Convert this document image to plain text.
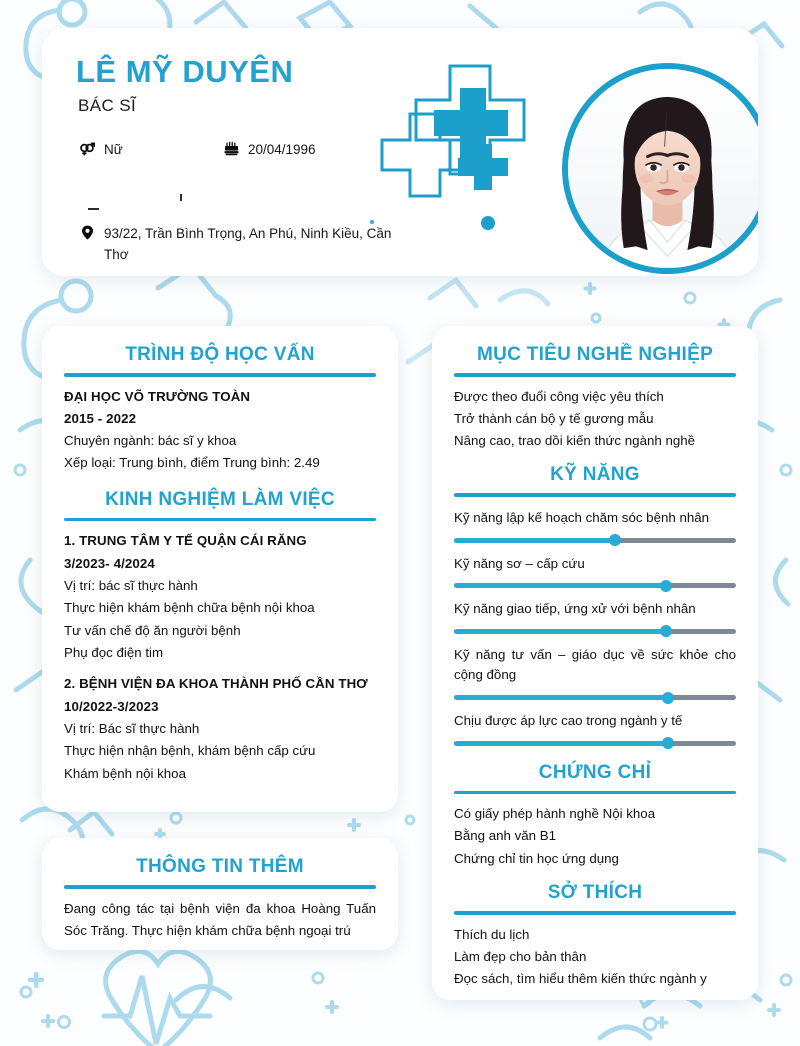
LÊ MỸ DUYÊN
BÁC SĨ
Nữ	20/04/1996
93/22, Trần Bình Trọng, An Phú, Ninh Kiều, Cần Thơ
TRÌNH ĐỘ HỌC VẤN
ĐẠI HỌC VÕ TRƯỜNG TOÀN
2015 - 2022
Chuyên ngành: bác sĩ y khoa
Xếp loại: Trung bình, điểm Trung bình: 2.49
KINH NGHIỆM LÀM VIỆC
1. TRUNG TÂM Y TẾ QUẬN CÁI RĂNG
3/2023- 4/2024
Vị trí: bác sĩ thực hành
Thực hiện khám bệnh chữa bệnh nội khoa
Tư vấn chế độ ăn người bệnh
Phụ đọc điện tim
2. BỆNH VIỆN ĐA KHOA THÀNH PHỐ CẦN THƠ
10/2022-3/2023
Vị trí: Bác sĩ thực hành
Thực hiện nhận bệnh, khám bệnh cấp cứu
Khám bệnh nội khoa
THÔNG TIN THÊM
Đang công tác tại bệnh viện đa khoa Hoàng Tuấn Sóc Trăng. Thực hiện khám chữa bệnh ngoại trú
MỤC TIÊU NGHỀ NGHIỆP
Được theo đuổi công việc yêu thích
Trở thành cán bộ y tế gương mẫu
Nâng cao, trao dồi kiến thức ngành nghề
KỸ NĂNG
Kỹ năng lập kế hoạch chăm sóc bệnh nhân
Kỹ năng sơ – cấp cứu
Kỹ năng giao tiếp, ứng xử với bệnh nhân
Kỹ năng tư vấn – giáo dục về sức khỏe cho cộng đồng
Chịu được áp lực cao trong ngành y tế
CHỨNG CHỈ
Có giấy phép hành nghề Nội khoa
Bằng anh văn B1
Chứng chỉ tin học ứng dụng
SỞ THÍCH
Thích du lịch
Làm đẹp cho bản thân
Đọc sách, tìm hiểu thêm kiến thức ngành y
